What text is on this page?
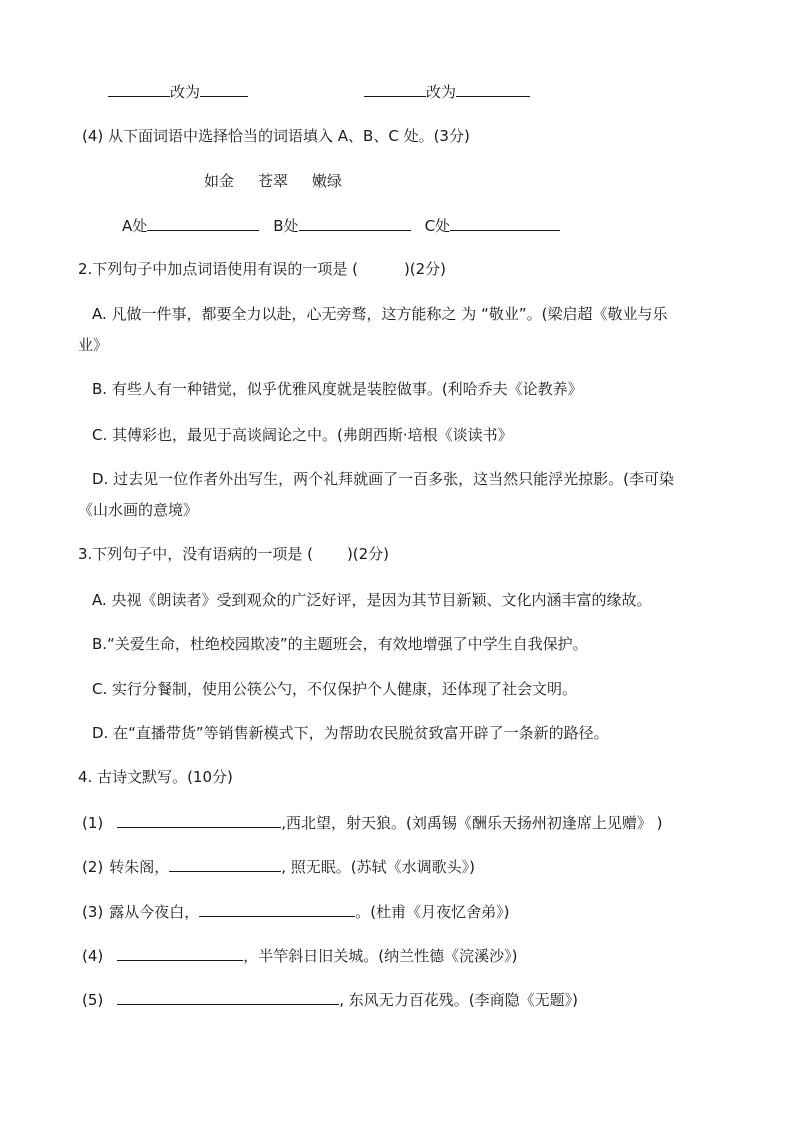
改为	改为
(4) 从下面词语中选择恰当的词语填入 A、B、C 处。(3分)
如金 苍翠 嫩绿
A处	B处	C处
2.下列句子中加点词语使用有误的一项是 (	)(2分)
A. 凡做一件事，都要全力以赴，心无旁骛，这方能称之 为 “敬业”。(梁启超《敬业与乐
业》
B. 有些人有一种错觉，似乎优雅风度就是装腔做事。(利哈乔夫《论教养》
C. 其傅彩也，最见于高谈阔论之中。(弗朗西斯·培根《谈读书》
D. 过去见一位作者外出写生，两个礼拜就画了一百多张，这当然只能浮光掠影。(李可染
《山水画的意境》
3.下列句子中，没有语病的一项是 ( )(2分)
A. 央视《朗读者》受到观众的广泛好评，是因为其节目新颖、文化内涵丰富的缘故。
B.“关爱生命，杜绝校园欺凌”的主题班会，有效地增强了中学生自我保护。
C. 实行分餐制，使用公筷公勺，不仅保护个人健康，还体现了社会文明。
D. 在“直播带货”等销售新模式下，为帮助农民脱贫致富开辟了一条新的路径。
4. 古诗文默写。(10分)
(1)	,西北望，射天狼。(刘禹锡《酬乐天扬州初逢席上见赠》 )
(2) 转朱阁，	, 照无眠。(苏轼《水调歌头》)
(3) 露从今夜白，	。(杜甫《月夜忆舍弟》)
(4)	，半竿斜日旧关城。(纳兰性德《浣溪沙》)
(5)	, 东风无力百花残。(李商隐《无题》)
